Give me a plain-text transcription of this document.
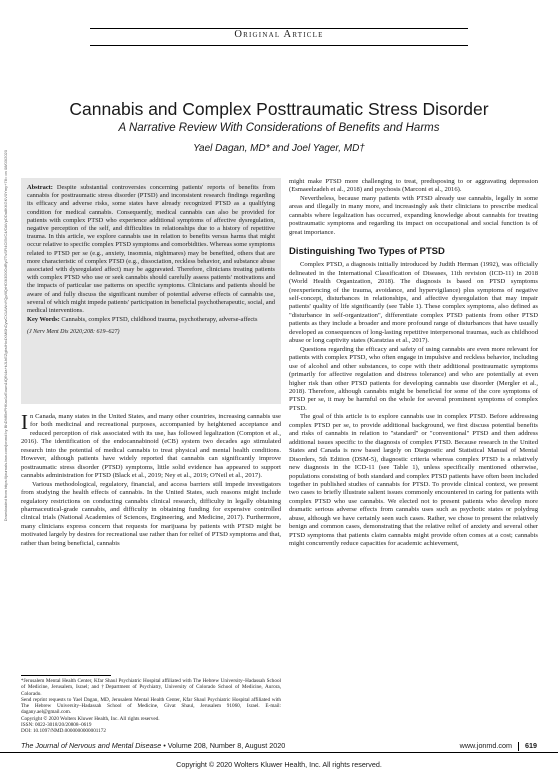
Original Article
Downloaded from https://journals.lww.com/jonmd by BhDMf5ePHKav1zEoum1tQfN4a+kJLhEZgbsIHo4XMi0hCywCX1AWnYQp/IlQrHD3i3D0OdRyi7TvSFl4Cf3VC4/OAVpDDa8KKGKV0Ymy+78= on 08/03/2020
Cannabis and Complex Posttraumatic Stress Disorder
A Narrative Review With Considerations of Benefits and Harms
Yael Dagan, MD* and Joel Yager, MD†
Abstract: Despite substantial controversies concerning patients' reports of benefits from cannabis for posttraumatic stress disorder (PTSD) and inconsistent research findings regarding its efficacy and adverse risks, some states have already recognized PTSD as a qualifying condition for medical cannabis. Consequently, medical cannabis can also be provided for patients with complex PTSD who experience additional symptoms of affective dysregulation, negative perception of the self, and difficulties in relationships due to a history of repetitive trauma. In this article, we explore cannabis use in relation to benefits versus harms that might occur relative to specific complex PTSD symptoms and comorbidities. Whereas some symptoms related to PTSD per se (e.g., anxiety, insomnia, nightmares) may be benefited, others that are more characteristic of complex PTSD (e.g., dissociation, reckless behavior, and substance abuse associated with dysregulated affect) may be aggravated. Therefore, clinicians treating patients with complex PTSD who use or seek cannabis should carefully assess patients' motivations and the impacts of particular use patterns on specific symptoms. Clinicians and patients should be aware of and fully discuss the significant number of potential adverse effects of cannabis use, several of which might impede patients' participation in beneficial psychotherapeutic, social, and medical interventions.
Key Words: Cannabis, complex PTSD, childhood trauma, psychotherapy, adverse-affects
(J Nerv Ment Dis 2020;208: 619–627)
In Canada, many states in the United States, and many other countries, increasing cannabis use for both medicinal and recreational purposes, accompanied by heightened acceptance and reduced perception of risk associated with its use, has followed legalization (Compton et al., 2016). The identification of the endocannabinoid (eCB) system two decades ago stimulated research into the potential of medical cannabis to treat physical and mental health conditions. However, although patients have widely reported that cannabis can significantly improve posttraumatic stress disorder (PTSD) symptoms, little solid evidence has appeared to support cannabis administration for PTSD (Black et al., 2019; Ney et al., 2019; O'Neil et al., 2017).
Various methodological, regulatory, financial, and access barriers still impede investigators from studying the health effects of cannabis. In the United States, such reasons might include regulatory restrictions on conducting cannabis clinical research, difficulty in legally obtaining pharmaceutical-grade cannabis, and difficulty in obtaining funding for expensive controlled clinical trials (National Academies of Sciences, Engineering, and Medicine, 2017). Furthermore, many clinicians express concern that requests for marijuana by patients with PTSD might be motivated largely by desires for recreational use rather than for relief of PTSD symptoms and that, rather than being beneficial, cannabis
*Jerusalem Mental Health Center, Kfar Shaul Psychiatric Hospital affiliated with The Hebrew University–Hadassah School of Medicine, Jerusalem, Israel; and †Department of Psychiatry, University of Colorado School of Medicine, Aurora, Colorado.
Send reprint requests to Yael Dagan, MD, Jerusalem Mental Health Center, Kfar Shaul Psychiatric Hospital affiliated with The Hebrew University–Hadassah School of Medicine, Givat Shaul, Jerusalem 91060, Israel. E-mail: dagany.ael@gmail.com.
Copyright © 2020 Wolters Kluwer Health, Inc. All rights reserved.
ISSN: 0022-3018/20/20808–0619
DOI: 10.1097/NMD.0000000000001172
might make PTSD more challenging to treat, predisposing to or aggravating depression (Esmaeelzadeh et al., 2018) and psychosis (Marconi et al., 2016).
Nevertheless, because many patients with PTSD already use cannabis, legally in some areas and illegally in many more, and increasingly ask their clinicians to prescribe medical cannabis where legalization has occurred, expanding knowledge about cannabis for treating posttraumatic symptoms and regarding its impact on occupational and social function is of great importance.
Distinguishing Two Types of PTSD
Complex PTSD, a diagnosis initially introduced by Judith Herman (1992), was officially delineated in the International Classification of Diseases, 11th revision (ICD-11) in 2018 (World Health Organization, 2018). The diagnosis is based on PTSD symptoms (reexperiencing of the trauma, avoidance, and hypervigilance) plus symptoms of negative self-concept, disturbances in relationships, and affective dysregulation that may impair patients' quality of life significantly (see Table 1). These complex symptoms, also defined as "disturbance in self-organization", differentiate complex PTSD patients from other PTSD patients as they include a broader and more profound range of disturbances that have usually developed as consequences of long-lasting repetitive interpersonal traumas, such as childhood abuse or long captivity states (Karatzias et al., 2017).
Questions regarding the efficacy and safety of using cannabis are even more relevant for patients with complex PTSD, who often engage in impulsive and reckless behavior, including use of alcohol and other substances, to cope with their additional posttraumatic symptoms (primarily for affective regulation and distress tolerance) and who are potentially at even higher risk than other PTSD patients for developing cannabis use disorder (Mergler et al., 2018). Therefore, although cannabis might be beneficial for some of the core symptoms of PTSD per se, it may be harmful on the whole for several prominent symptoms of complex PTSD.
The goal of this article is to explore cannabis use in complex PTSD. Before addressing complex PTSD per se, to provide additional background, we first discuss potential benefits and risks of cannabis in relation to "standard" or "conventional" PTSD and then address additional issues specific to the diagnosis of complex PTSD. Because research in the United States and Canada is now based largely on Diagnostic and Statistical Manual of Mental Disorders, 5th Edition (DSM-5), diagnostic criteria whereas complex PTSD is a relatively new diagnosis in the ICD-11 (see Table 1), unless specifically mentioned otherwise, populations consisting of both standard and complex PTSD patients have often been included together in published studies of cannabis for PTSD. To provide clinical context, we present two cases to briefly illustrate salient issues commonly encountered in caring for patients with complex PTSD who use cannabis. We elected not to present patients who develop more dramatic serious adverse effects from cannabis uses such as psychotic states or polydrug abuse, although we have certainly seen such cases. Rather, we chose to present the relatively benign and common cases, demonstrating that the relative relief of anxiety and several other PTSD symptoms that patients claim cannabis might provide often comes at a cost; cannabis might concurrently reduce capacities for academic achievement,
The Journal of Nervous and Mental Disease • Volume 208, Number 8, August 2020	www.jonmd.com 619
Copyright © 2020 Wolters Kluwer Health, Inc. All rights reserved.
